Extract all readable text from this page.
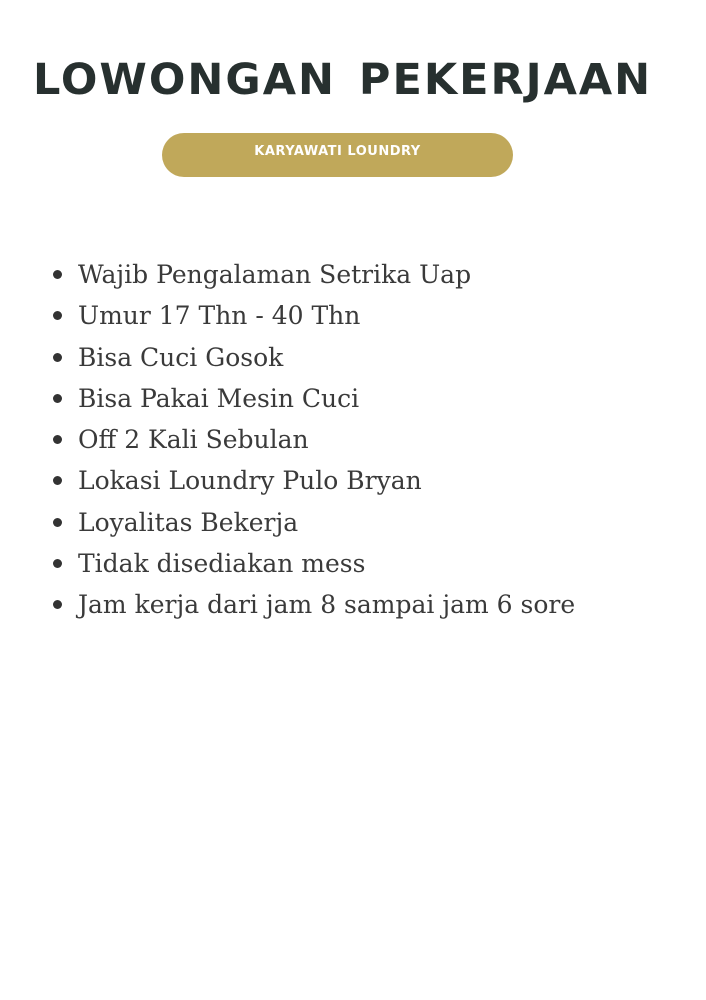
LOWONGAN PEKERJAAN
KARYAWATI LOUNDRY
Wajib Pengalaman Setrika Uap
Umur 17 Thn - 40 Thn
Bisa Cuci Gosok
Bisa Pakai Mesin Cuci
Off 2 Kali Sebulan
Lokasi Loundry Pulo Bryan
Loyalitas Bekerja
Tidak disediakan mess
Jam kerja dari jam 8 sampai jam 6 sore
